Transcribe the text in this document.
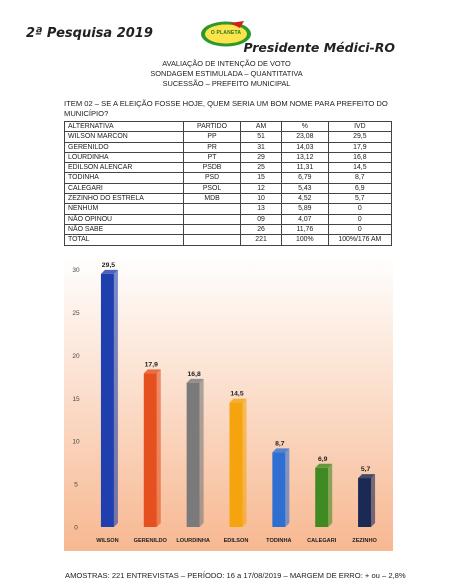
2ª Pesquisa 2019	O PLANETA
Presidente Médici-RO
AVALIAÇÃO DE INTENÇÃO DE VOTO
SONDAGEM ESTIMULADA – QUANTITATIVA
SUCESSÃO – PREFEITO MUNICIPAL
ITEM 02 – SE A ELEIÇÃO FOSSE HOJE, QUEM SERIA UM BOM NOME PARA PREFEITO DO MUNICÍPIO?
ALTERNATIVA	PARTIDO	AM	%	IVD
WILSON MARCON	PP	51	23,08	29,5
GERENILDO	PR	31	14,03	17,9
LOURDINHA	PT	29	13,12	16,8
EDILSON ALENCAR	PSDB	25	11,31	14,5
TODINHA	PSD	15	6,79	8,7
CALEGARI	PSOL	12	5,43	6,9
ZEZINHO DO ESTRELA	MDB	10	4,52	5,7
NENHUM		13	5,89	0
NÃO OPINOU		09	4,07	0
NÃO SABE		26	11,76	0
TOTAL		221	100%	100%/176 AM
0
5
10
15
20
25
30
29,5
WILSON
17,9
GERENILDO
16,8
LOURDINHA
14,5
EDILSON
8,7
TODINHA
6,9
CALEGARI
5,7
ZEZINHO
AMOSTRAS: 221 ENTREVISTAS – PERÍODO: 16 a 17/08/2019 – MARGEM DE ERRO: + ou – 2,8%
